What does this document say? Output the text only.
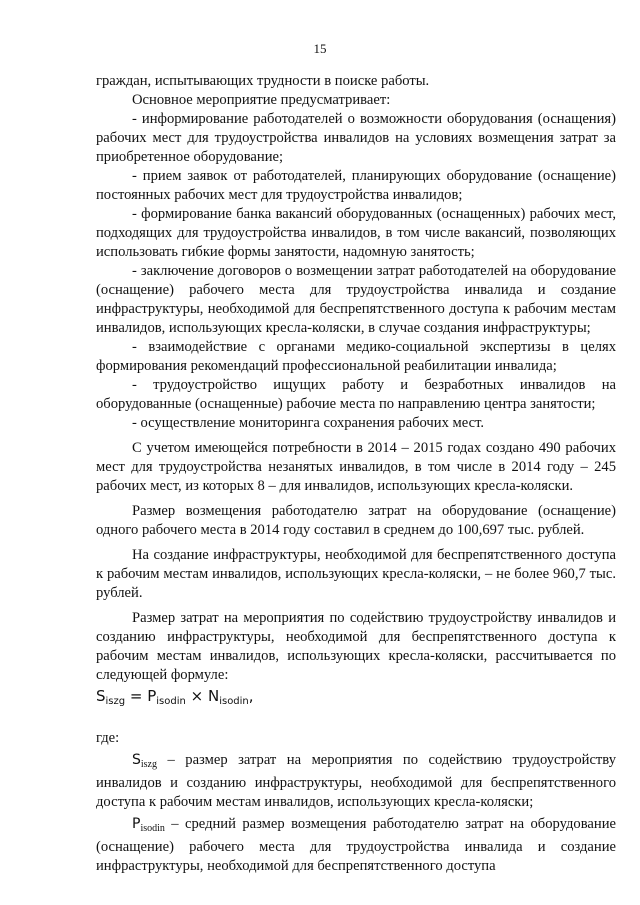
15

граждан, испытывающих трудности в поиске работы.

Основное мероприятие предусматривает:

- информирование работодателей о возможности оборудования (оснащения) рабочих мест для трудоустройства инвалидов на условиях возмещения затрат за приобретенное оборудование;

- прием заявок от работодателей, планирующих оборудование (оснащение) постоянных рабочих мест для трудоустройства инвалидов;

- формирование банка вакансий оборудованных (оснащенных) рабочих мест, подходящих для трудоустройства инвалидов, в том числе вакансий, позволяющих использовать гибкие формы занятости, надомную занятость;

- заключение договоров о возмещении затрат работодателей на оборудование (оснащение) рабочего места для трудоустройства инвалида и создание инфраструктуры, необходимой для беспрепятственного доступа к рабочим местам инвалидов, использующих кресла-коляски, в случае создания инфраструктуры;

- взаимодействие с органами медико-социальной экспертизы в целях формирования рекомендаций профессиональной реабилитации инвалида;

- трудоустройство ищущих работу и безработных инвалидов на оборудованные (оснащенные) рабочие места по направлению центра занятости;

- осуществление мониторинга сохранения рабочих мест.

С учетом имеющейся потребности в 2014 – 2015 годах создано 490 рабочих мест для трудоустройства незанятых инвалидов, в том числе в 2014 году – 245 рабочих мест, из которых 8 – для инвалидов, использующих кресла-коляски.

Размер возмещения работодателю затрат на оборудование (оснащение) одного рабочего места в 2014 году составил в среднем до 100,697 тыс. рублей.

На создание инфраструктуры, необходимой для беспрепятственного доступа к рабочим местам инвалидов, использующих кресла-коляски, – не более 960,7 тыс. рублей.

Размер затрат на мероприятия по содействию трудоустройству инвалидов и созданию инфраструктуры, необходимой для беспрепятственного доступа к рабочим местам инвалидов, использующих кресла-коляски, рассчитывается по следующей формуле:

$S_{iszg} = P_{isodin} \times N_{isodin}$,

где:

$S_{iszg}$ – размер затрат на мероприятия по содействию трудоустройству инвалидов и созданию инфраструктуры, необходимой для беспрепятственного доступа к рабочим местам инвалидов, использующих кресла-коляски;

$P_{isodin}$ – средний размер возмещения работодателю затрат на оборудование (оснащение) рабочего места для трудоустройства инвалида и создание инфраструктуры, необходимой для беспрепятственного доступа
